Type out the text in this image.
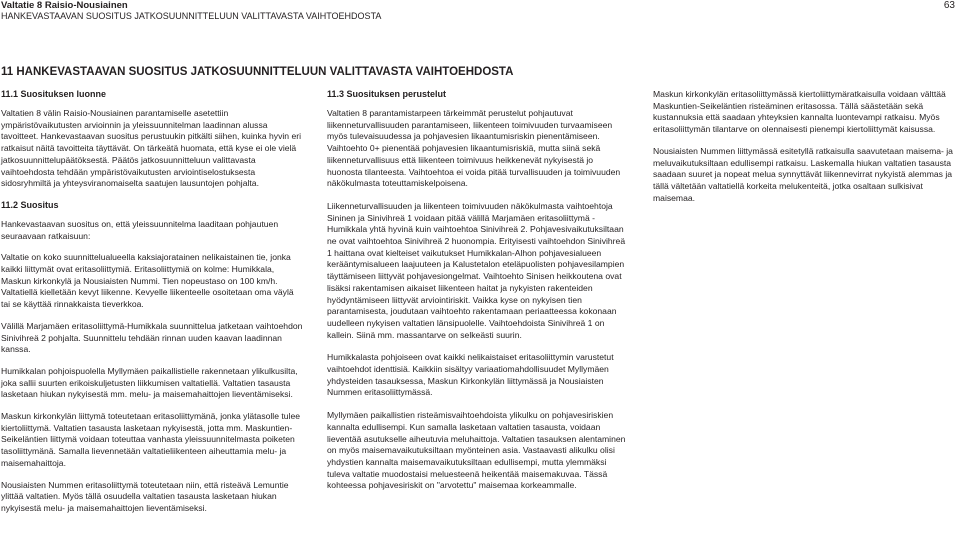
Valtatie 8 Raisio-Nousiainen
HANKEVASTAAVAN SUOSITUS JATKOSUUNNITTELUUN VALITTAVASTA VAIHTOEHDOSTA
63
11 HANKEVASTAAVAN SUOSITUS JATKOSUUNNITTELUUN VALITTAVASTA VAIHTOEHDOSTA
11.1 Suosituksen luonne

Valtatien 8 välin Raisio-Nousiainen parantamiselle asetettiin ympäristövaikutusten arvioinnin ja yleissuunnitelman laadinnan alussa tavoitteet. Hankevastaavan suositus perustuukin pitkälti siihen, kuinka hyvin eri ratkaisut näitä tavoitteita täyttävät. On tärkeätä huomata, että kyse ei ole vielä jatkosuunnittelupäätöksestä. Päätös jatkosuunnitteluun valittavasta vaihtoehdosta tehdään ympäristövaikutusten arviointiselostuksesta sidosryhmiltä ja yhteysviranomaiselta saatujen lausuntojen pohjalta.

11.2 Suositus

Hankevastaavan suositus on, että yleissuunnitelma laaditaan pohjautuen seuraavaan ratkaisuun:

Valtatie on koko suunnittelualueella kaksiajoratainen nelikaistainen tie, jonka kaikki liittymät ovat eritasoliittymiä. Eritasoliittymiä on kolme: Humikkala, Maskun kirkonkylä ja Nousiaisten Nummi. Tien nopeustaso on 100 km/h. Valtatiellä kielletään kevyt liikenne. Kevyelle liikenteelle osoitetaan oma väylä tai se käyttää rinnakkaista tieverkkoa.

Välillä Marjamäen eritasoliittymä-Humikkala suunnittelua jatketaan vaihtoehdon Sinivihreä 2 pohjalta. Suunnittelu tehdään rinnan uuden kaavan laadinnan kanssa.

Humikkalan pohjoispuolella Myllymäen paikallistielle rakennetaan ylikulkusilta, joka sallii suurten erikoiskuljetusten liikkumisen valtatiellä. Valtatien tasausta lasketaan hiukan nykyisestä mm. melu- ja maisemahaittojen lieventämiseksi.

Maskun kirkonkylän liittymä toteutetaan eritasoliittymänä, jonka ylätasolle tulee kiertoliittymä. Valtatien tasausta lasketaan nykyisestä, jotta mm. Maskuntien-Seikeläntien liittymä voidaan toteuttaa vanhasta yleissuunnitelmasta poiketen tasoliittymänä. Samalla lievennetään valtatieliikenteen aiheuttamia melu- ja maisemahaittoja.

Nousiaisten Nummen eritasoliittymä toteutetaan niin, että risteävä Lemuntie ylittää valtatien. Myös tällä osuudella valtatien tasausta lasketaan hiukan nykyisestä melu- ja maisemahaittojen lieventämiseksi.

11.3 Suosituksen perustelut

Valtatien 8 parantamistarpeen tärkeimmät perustelut pohjautuvat liikenneturvallisuuden parantamiseen, liikenteen toimivuuden turvaamiseen myös tulevaisuudessa ja pohjavesien likaantumisriskin pienentämiseen. Vaihtoehto 0+ pienentää pohjavesien likaantumisriskiä, mutta siinä sekä liikenneturvallisuus että liikenteen toimivuus heikkenevät nykyisestä jo huonosta tilanteesta. Vaihtoehtoa ei voida pitää turvallisuuden ja toimivuuden näkökulmasta toteuttamiskelpoisena.

Liikenneturvallisuuden ja liikenteen toimivuuden näkökulmasta vaihtoehtoja Sininen ja Sinivihreä 1 voidaan pitää välillä Marjamäen eritasoliittymä - Humikkala yhtä hyvinä kuin vaihtoehtoa Sinivihreä 2. Pohjavesivaikutuksiltaan ne ovat vaihtoehtoa Sinivihreä 2 huonompia. Erityisesti vaihtoehdon Sinivihreä 1 haittana ovat kielteiset vaikutukset Humikkalan-Alhon pohjavesialueen kerääntymisalueen laajuuteen ja Kalustetalon eteläpuolisten pohjavesilampien täyttämiseen liittyvät pohjavesiongelmat. Vaihtoehto Sinisen heikkoutena ovat lisäksi rakentamisen aikaiset liikenteen haitat ja nykyisten rakenteiden hyödyntämiseen liittyvät arviointiriskit. Vaikka kyse on nykyisen tien parantamisesta, joudutaan vaihtoehto rakentamaan periaatteessa kokonaan uudelleen nykyisen valtatien länsipuolelle. Vaihtoehdoista Sinivihreä 1 on kallein. Siinä mm. massantarve on selkeästi suurin.

Humikkalasta pohjoiseen ovat kaikki nelikaistaiset eritasoliittymin varustetut vaihtoehdot identtisiä. Kaikkiin sisältyy variaatiomahdollisuudet Myllymäen yhdysteiden tasauksessa, Maskun Kirkonkylän liittymässä ja Nousiaisten Nummen eritasoliittymässä.

Myllymäen paikallistien risteämisvaihtoehdoista ylikulku on pohjavesiriskien kannalta edullisempi. Kun samalla lasketaan valtatien tasausta, voidaan lieventää asutukselle aiheutuvia meluhaittoja. Valtatien tasauksen alentaminen on myös maisemavaikutuksiltaan myönteinen asia. Vastaavasti alikulku olisi yhdystien kannalta maisemavaikutuksiltaan edullisempi, mutta ylemmäksi tuleva valtatie muodostaisi meluesteenä heikentää maisemakuvaa. Tässä kohteessa pohjavesiriskit on "arvotettu" maisemaa korkeammalle.

Maskun kirkonkylän eritasoliittymässä kiertoliittymäratkaisulla voidaan välttää Maskuntien-Seikeläntien risteäminen eritasossa. Tällä säästetään sekä kustannuksia että saadaan yhteyksien kannalta luontevampi ratkaisu. Myös eritasoliittymän tilantarve on olennaisesti pienempi kiertoliittymät kaisussa.

Nousiaisten Nummen liittymässä esitetyllä ratkaisulla saavutetaan maisema- ja meluvaikutuksiltaan edullisempi ratkaisu. Laskemalla hiukan valtatien tasausta saadaan suuret ja nopeat melua synnyttävät liikennevirrat nykyistä alemmas ja tällä vältetään valtatiellä korkeita melukenteitä, jotka osaltaan sulkisivat maisemaa.
